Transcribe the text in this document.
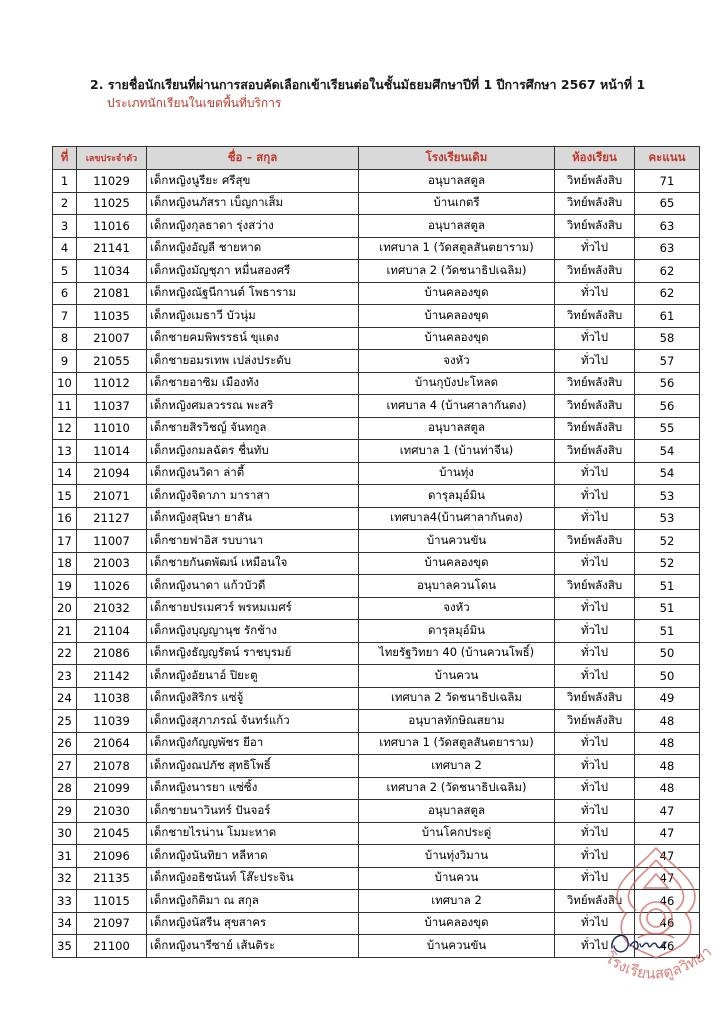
2. รายชื่อนักเรียนที่ผ่านการสอบคัดเลือกเข้าเรียนต่อในชั้นมัธยมศึกษาปีที่ 1 ปีการศึกษา 2567 หน้าที่ 1
ประเภทนักเรียนในเขตพื้นที่บริการ
ที่	เลขประจำตัว	ชื่อ – สกุล	โรงเรียนเดิม	ห้องเรียน	คะแนน
1	11029	เด็กหญิงนูรียะ ศรีสุข	อนุบาลสตูล	วิทย์พลังสิบ	71
2	11025	เด็กหญิงนภัสรา เบ็ญกาเส็ม	บ้านเกตรี	วิทย์พลังสิบ	65
3	11016	เด็กหญิงกุลธาดา รุ่งสว่าง	อนุบาลสตูล	วิทย์พลังสิบ	63
4	21141	เด็กหญิงอัญลี ชายหาด	เทศบาล 1 (วัดสตูลสันตยาราม)	ทั่วไป	63
5	11034	เด็กหญิงมัญชุภา หมื่นสองศรี	เทศบาล 2 (วัดชนาธิปเฉลิม)	วิทย์พลังสิบ	62
6	21081	เด็กหญิงณัฐนีกานต์ โพธาราม	บ้านคลองขุด	ทั่วไป	62
7	11035	เด็กหญิงเมธาวี บัวนุ่ม	บ้านคลองขุด	วิทย์พลังสิบ	61
8	21007	เด็กชายคมพิพรรธน์ ขุแดง	บ้านคลองขุด	ทั่วไป	58
9	21055	เด็กชายอมรเทพ เปล่งประดับ	จงหัว	ทั่วไป	57
10	11012	เด็กชายอาซิม เมืองทัง	บ้านกุบังปะโหลด	วิทย์พลังสิบ	56
11	11037	เด็กหญิงศมลวรรณ พะสริ	เทศบาล 4 (บ้านศาลากันตง)	วิทย์พลังสิบ	56
12	11010	เด็กชายสิรวิชญ์ จันทกูล	อนุบาลสตูล	วิทย์พลังสิบ	55
13	11014	เด็กหญิงกมลฉัตร ชื่นทับ	เทศบาล 1 (บ้านท่าจีน)	วิทย์พลังสิบ	54
14	21094	เด็กหญิงนวิดา ล่าตี้	บ้านทุ่ง	ทั่วไป	54
15	21071	เด็กหญิงจิดาภา มาราสา	ดารุลมุอ์มิน	ทั่วไป	53
16	21127	เด็กหญิงสุนิษา ยาสัน	เทศบาล4(บ้านศาลากันตง)	ทั่วไป	53
17	11007	เด็กชายฟาอิส รบบานา	บ้านควนขัน	วิทย์พลังสิบ	52
18	21003	เด็กชายกันตพัฒน์ เหมือนใจ	บ้านคลองขุด	ทั่วไป	52
19	11026	เด็กหญิงนาดา แก้วบัวดี	อนุบาลควนโดน	วิทย์พลังสิบ	51
20	21032	เด็กชายปรเมศวร์ พรหมเมศร์	จงหัว	ทั่วไป	51
21	21104	เด็กหญิงบุญญานุช รักช้าง	ดารุลมุอ์มิน	ทั่วไป	51
22	21086	เด็กหญิงธัญญรัตน์ ราชบุรมย์	ไทยรัฐวิทยา 40 (บ้านควนโพธิ์)	ทั่วไป	50
23	21142	เด็กหญิงอัยนาอ์ ปิยะตู	บ้านควน	ทั่วไป	50
24	11038	เด็กหญิงสิริกร แซ่จู้	เทศบาล 2 วัดชนาธิปเฉลิม	วิทย์พลังสิบ	49
25	11039	เด็กหญิงสุภาภรณ์ จันทร์แก้ว	อนุบาลทักษิณสยาม	วิทย์พลังสิบ	48
26	21064	เด็กหญิงกัญญพัชร ยีอา	เทศบาล 1 (วัดสตูลสันตยาราม)	ทั่วไป	48
27	21078	เด็กหญิงณปภัช สุทธิโพธิ์	เทศบาล 2	ทั่วไป	48
28	21099	เด็กหญิงนารยา แซ่ซิ้ง	เทศบาล 2 (วัดชนาธิปเฉลิม)	ทั่วไป	48
29	21030	เด็กชายนาวินทร์ ปันจอร์	อนุบาลสตูล	ทั่วไป	47
30	21045	เด็กชายไรน่าน โมมะหาด	บ้านโคกประดู่	ทั่วไป	47
31	21096	เด็กหญิงนันทิยา หลีหาด	บ้านทุ่งวิมาน	ทั่วไป	47
32	21135	เด็กหญิงอธิชนันท์ โส๊ะประจิน	บ้านควน	ทั่วไป	47
33	11015	เด็กหญิงกิติมา ณ สกุล	เทศบาล 2	วิทย์พลังสิบ	46
34	21097	เด็กหญิงนัสรีน สุขสาคร	บ้านคลองขุด	ทั่วไป	46
35	21100	เด็กหญิงนารีซาย์ เส้นติระ	บ้านควนขัน	ทั่วไป	46
โรงเรียนสตูลวิทยา
